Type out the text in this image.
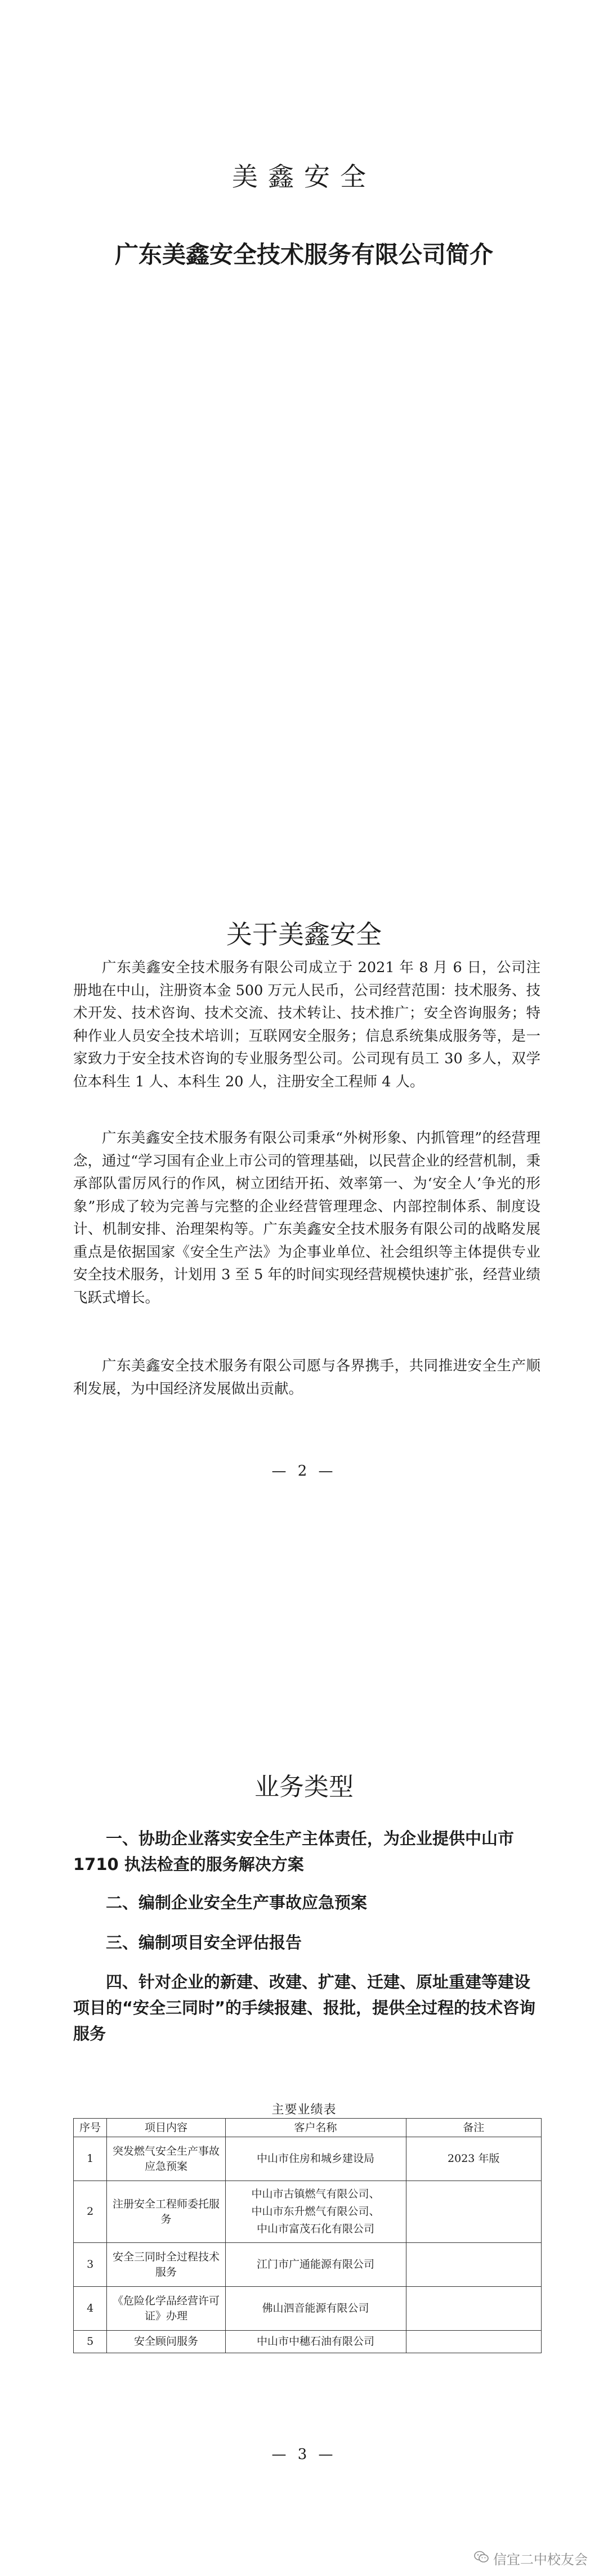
美鑫安全
广东美鑫安全技术服务有限公司简介
关于美鑫安全

广东美鑫安全技术服务有限公司成立于 2021 年 8 月 6 日，公司注册地在中山，注册资本金 500 万元人民币，公司经营范围：技术服务、技术开发、技术咨询、技术交流、技术转让、技术推广；安全咨询服务；特种作业人员安全技术培训；互联网安全服务；信息系统集成服务等，是一家致力于安全技术咨询的专业服务型公司。公司现有员工 30 多人，双学位本科生 1 人、本科生 20 人，注册安全工程师 4 人。

广东美鑫安全技术服务有限公司秉承“外树形象、内抓管理”的经营理念，通过“学习国有企业上市公司的管理基础，以民营企业的经营机制，秉承部队雷厉风行的作风，树立团结开拓、效率第一、为‘安全人’争光的形象”形成了较为完善与完整的企业经营管理理念、内部控制体系、制度设计、机制安排、治理架构等。广东美鑫安全技术服务有限公司的战略发展重点是依据国家《安全生产法》为企事业单位、社会组织等主体提供专业安全技术服务，计划用 3 至 5 年的时间实现经营规模快速扩张，经营业绩飞跃式增长。

广东美鑫安全技术服务有限公司愿与各界携手，共同推进安全生产顺利发展，为中国经济发展做出贡献。

— 2 —
业务类型

一、协助企业落实安全生产主体责任，为企业提供中山市 1710 执法检查的服务解决方案

二、编制企业安全生产事故应急预案

三、编制项目安全评估报告

四、针对企业的新建、改建、扩建、迁建、原址重建等建设项目的“安全三同时”的手续报建、报批，提供全过程的技术咨询服务

主要业绩表
序号	项目内容	客户名称	备注
1	突发燃气安全生产事故应急预案	中山市住房和城乡建设局	2023 年版
2	注册安全工程师委托服务	中山市古镇燃气有限公司、
中山市东升燃气有限公司、
中山市富茂石化有限公司	

3	安全三同时全过程技术服务	江门市广通能源有限公司	

4	《危险化学品经营许可证》办理	佛山泗音能源有限公司	

5	安全顾问服务	中山市中穗石油有限公司	

— 3 —
信宜二中校友会
